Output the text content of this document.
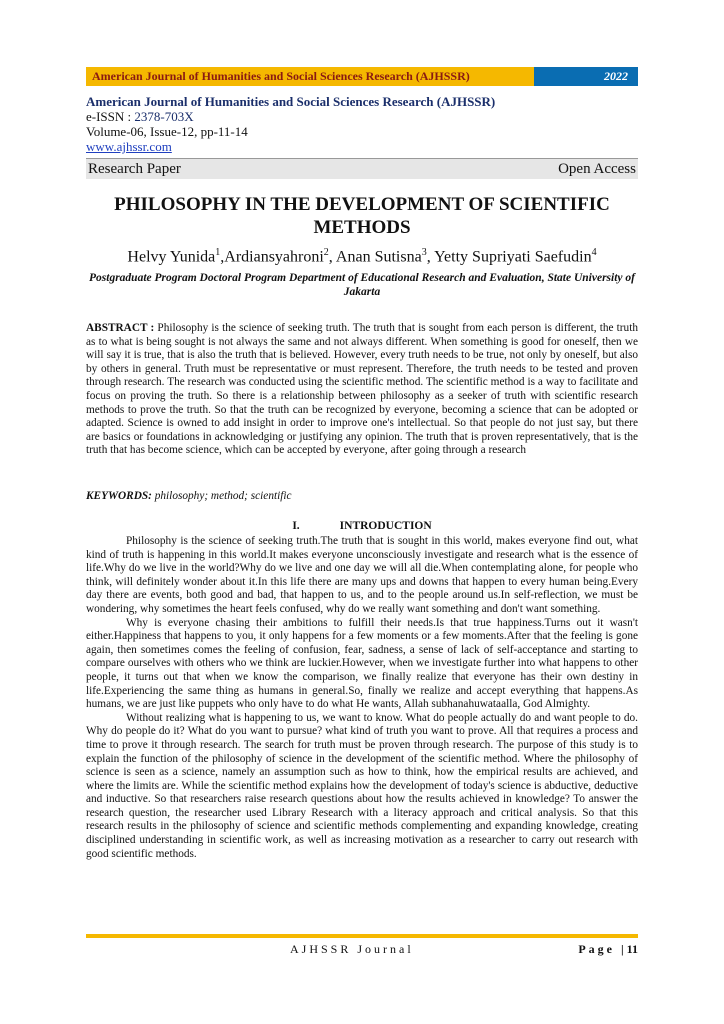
American Journal of Humanities and Social Sciences Research (AJHSSR)	2022
American Journal of Humanities and Social Sciences Research (AJHSSR)
e-ISSN : 2378-703X
Volume-06, Issue-12, pp-11-14
www.ajhssr.com
Research Paper	Open Access
PHILOSOPHY IN THE DEVELOPMENT OF SCIENTIFIC METHODS
Helvy Yunida$^1$,Ardiansyahroni$^2$, Anan Sutisna$^3$, Yetty Supriyati Saefudin$^4$
Postgraduate Program Doctoral Program Department of Educational Research and Evaluation, State University of Jakarta
ABSTRACT : Philosophy is the science of seeking truth. The truth that is sought from each person is different, the truth as to what is being sought is not always the same and not always different. When something is good for oneself, then we will say it is true, that is also the truth that is believed. However, every truth needs to be true, not only by oneself, but also by others in general. Truth must be representative or must represent. Therefore, the truth needs to be tested and proven through research. The research was conducted using the scientific method. The scientific method is a way to facilitate and focus on proving the truth. So there is a relationship between philosophy as a seeker of truth with scientific research methods to prove the truth. So that the truth can be recognized by everyone, becoming a science that can be adopted or adapted. Science is owned to add insight in order to improve one's intellectual. So that people do not just say, but there are basics or foundations in acknowledging or justifying any opinion. The truth that is proven representatively, that is the truth that has become science, which can be accepted by everyone, after going through a research
KEYWORDS: philosophy; method; scientific
I.	INTRODUCTION

Philosophy is the science of seeking truth.The truth that is sought in this world, makes everyone find out, what kind of truth is happening in this world.It makes everyone unconsciously investigate and research what is the essence of life.Why do we live in the world?Why do we live and one day we will all die.When contemplating alone, for people who think, will definitely wonder about it.In this life there are many ups and downs that happen to every human being.Every day there are events, both good and bad, that happen to us, and to the people around us.In self-reflection, we must be wondering, why sometimes the heart feels confused, why do we really want something and don't want something.

Why is everyone chasing their ambitions to fulfill their needs.Is that true happiness.Turns out it wasn't either.Happiness that happens to you, it only happens for a few moments or a few moments.After that the feeling is gone again, then sometimes comes the feeling of confusion, fear, sadness, a sense of lack of self-acceptance and starting to compare ourselves with others who we think are luckier.However, when we investigate further into what happens to other people, it turns out that when we know the comparison, we finally realize that everyone has their own destiny in life.Experiencing the same thing as humans in general.So, finally we realize and accept everything that happens.As humans, we are just like puppets who only have to do what He wants, Allah subhanahuwataalla, God Almighty.

Without realizing what is happening to us, we want to know. What do people actually do and want people to do. Why do people do it? What do you want to pursue? what kind of truth you want to prove. All that requires a process and time to prove it through research. The search for truth must be proven through research. The purpose of this study is to explain the function of the philosophy of science in the development of the scientific method. Where the philosophy of science is seen as a science, namely an assumption such as how to think, how the empirical results are achieved, and where the limits are. While the scientific method explains how the development of today's science is abductive, deductive and inductive. So that researchers raise research questions about how the results achieved in knowledge? To answer the research question, the researcher used Library Research with a literacy approach and critical analysis. So that this research results in the philosophy of science and scientific methods complementing and expanding knowledge, creating disciplined understanding in scientific work, as well as increasing motivation as a researcher to carry out research with good scientific methods.

AJHSSR Journal	Page |11
